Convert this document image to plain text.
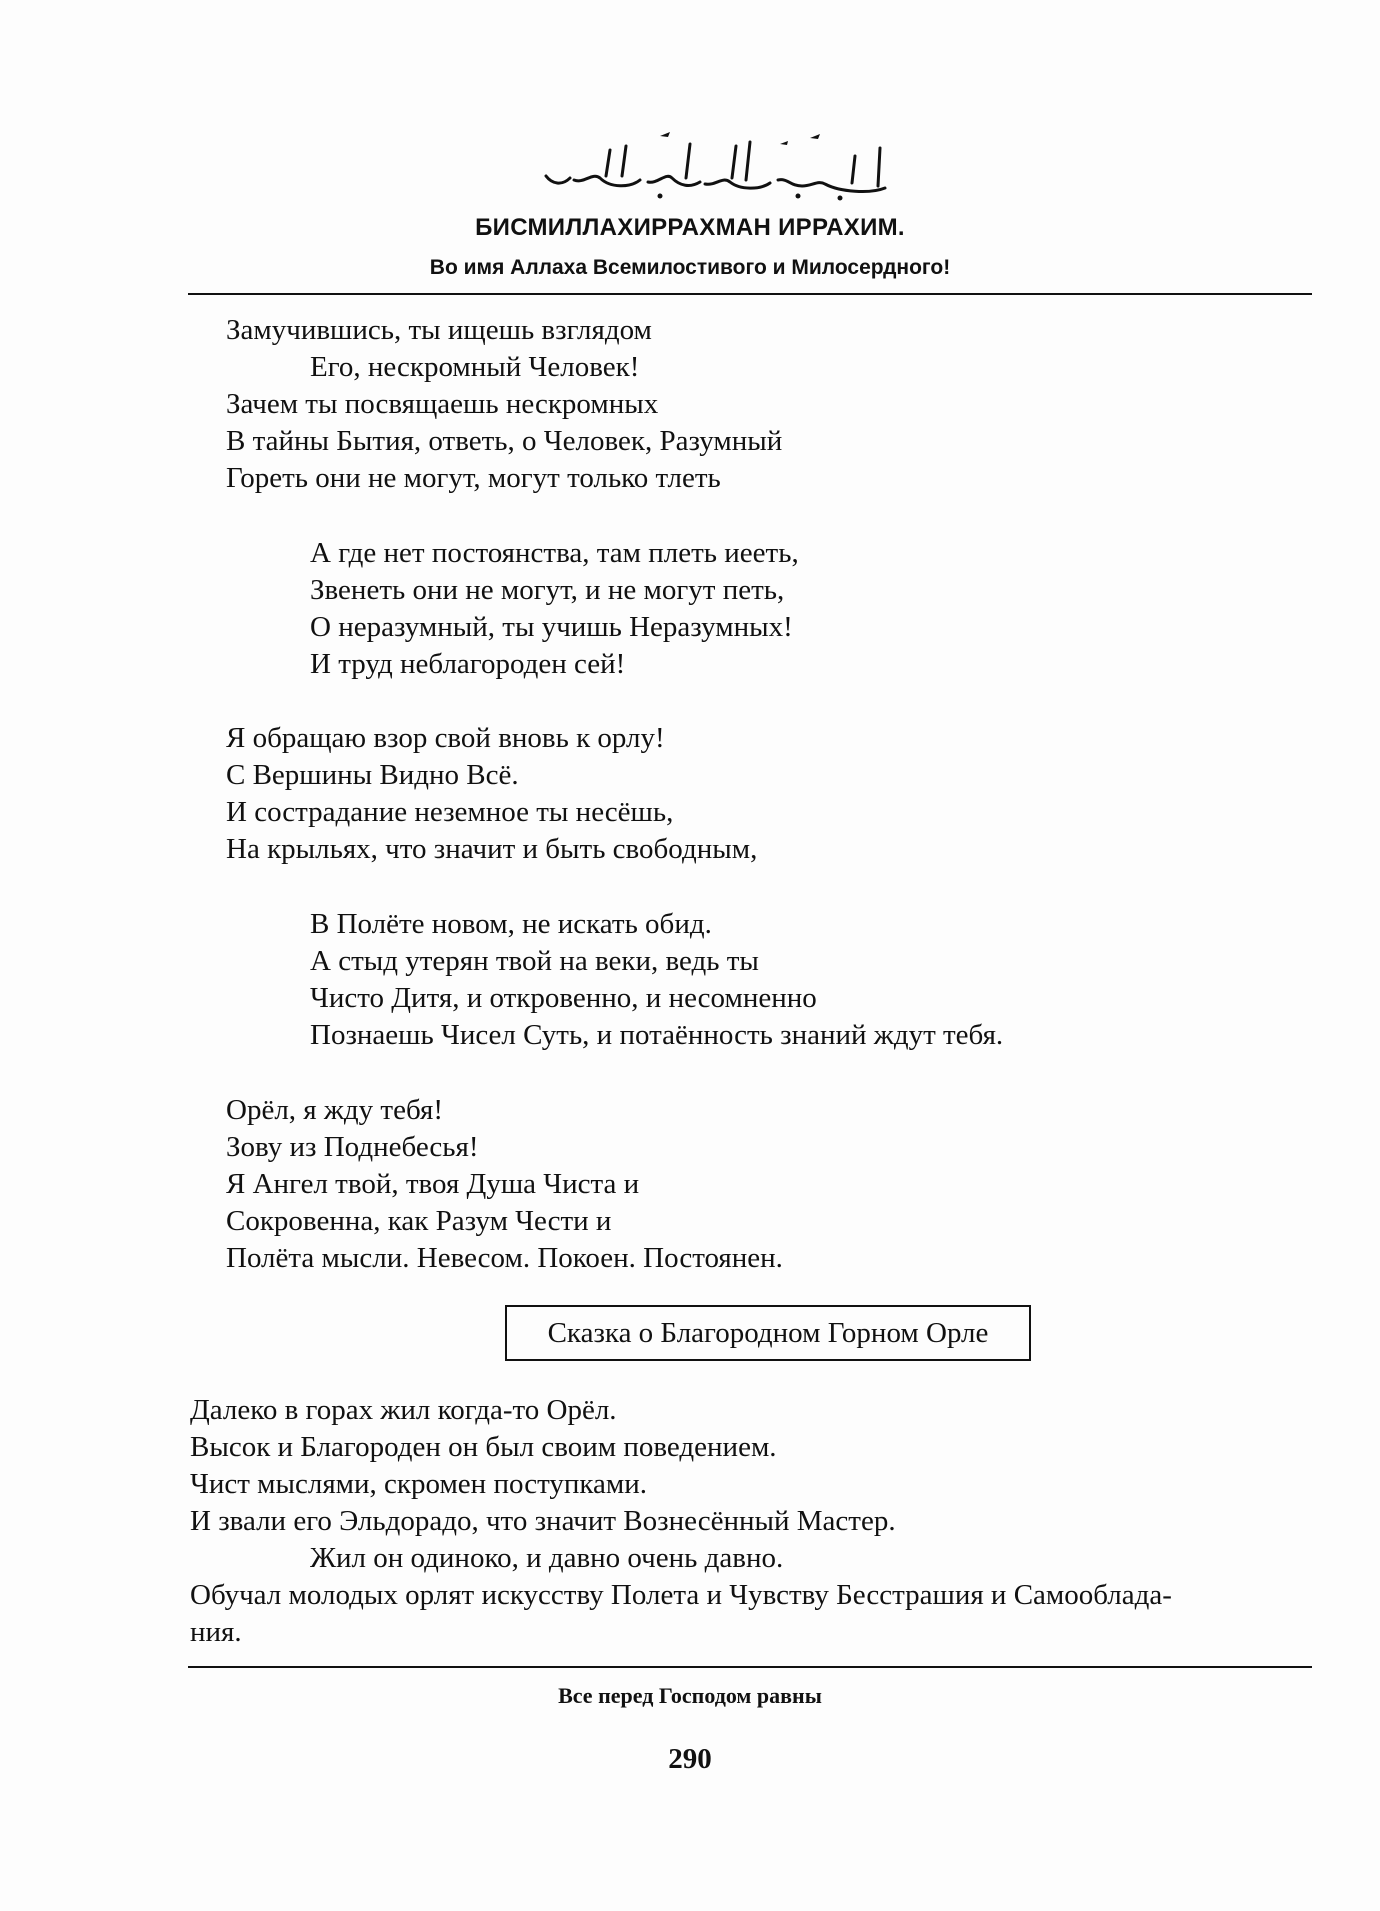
БИСМИЛЛАХИРРАХМАН ИРРАХИМ.
Во имя Аллаха Всемилостивого и Милосердного!
Замучившись, ты ищешь взглядом
Его, нескромный Человек!
Зачем ты посвящаешь нескромных
В тайны Бытия, ответь, о Человек, Разумный
Гореть они не могут, могут только тлеть
А где нет постоянства, там плеть иееть,
Звенеть они не могут, и не могут петь,
О неразумный, ты учишь Неразумных!
И труд неблагороден сей!
Я обращаю взор свой вновь к орлу!
С Вершины Видно Всё.
И сострадание неземное ты несёшь,
На крыльях, что значит и быть свободным,
В Полёте новом, не искать обид.
А стыд утерян твой на веки, ведь ты
Чисто Дитя, и откровенно, и несомненно
Познаешь Чисел Суть, и потаённость знаний ждут тебя.
Орёл, я жду тебя!
Зову из Поднебесья!
Я Ангел твой, твоя Душа Чиста и
Сокровенна, как Разум Чести и
Полёта мысли. Невесом. Покоен. Постоянен.
Сказка о Благородном Горном Орле
Далеко в горах жил когда-то Орёл.
Высок и Благороден он был своим поведением.
Чист мыслями, скромен поступками.
И звали его Эльдорадо, что значит Вознесённый Мастер.
Жил он одиноко, и давно очень давно.
Обучал молодых орлят искусству Полета и Чувству Бесстрашия и Самооблада-
ния.
Все перед Господом равны
290
